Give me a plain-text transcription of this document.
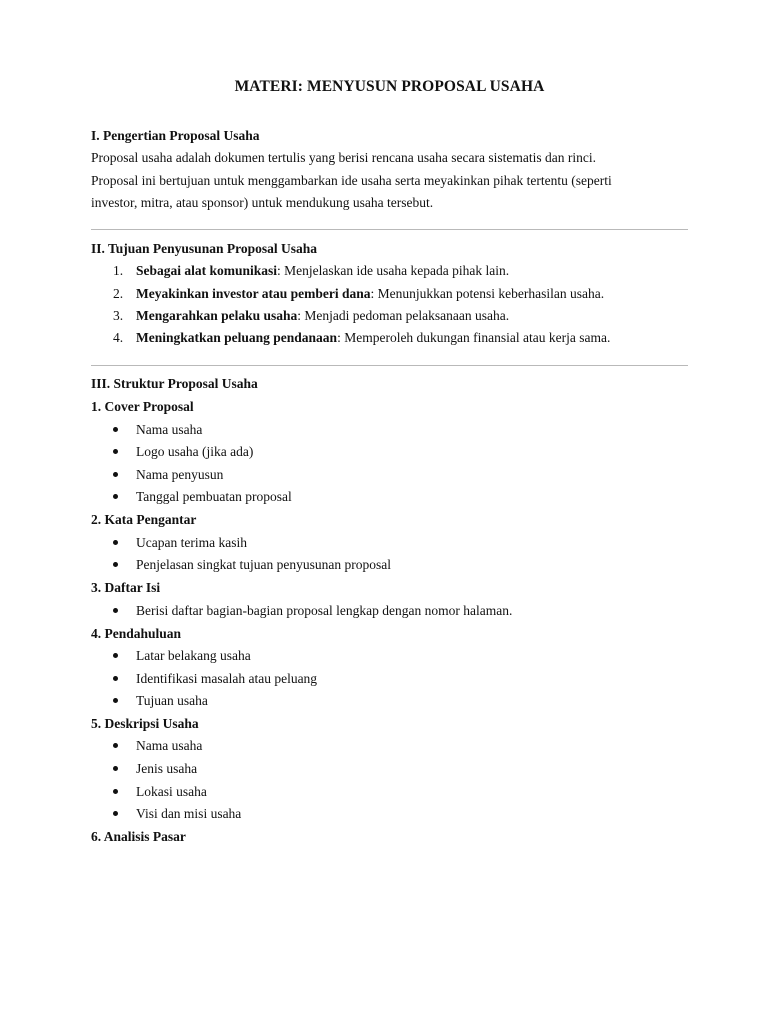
MATERI: MENYUSUN PROPOSAL USAHA
I. Pengertian Proposal Usaha
Proposal usaha adalah dokumen tertulis yang berisi rencana usaha secara sistematis dan rinci.
Proposal ini bertujuan untuk menggambarkan ide usaha serta meyakinkan pihak tertentu (seperti
investor, mitra, atau sponsor) untuk mendukung usaha tersebut.
II. Tujuan Penyusunan Proposal Usaha
1. Sebagai alat komunikasi: Menjelaskan ide usaha kepada pihak lain.
2. Meyakinkan investor atau pemberi dana: Menunjukkan potensi keberhasilan usaha.
3. Mengarahkan pelaku usaha: Menjadi pedoman pelaksanaan usaha.
4. Meningkatkan peluang pendanaan: Memperoleh dukungan finansial atau kerja sama.
III. Struktur Proposal Usaha
1. Cover Proposal
Nama usaha
Logo usaha (jika ada)
Nama penyusun
Tanggal pembuatan proposal
2. Kata Pengantar
Ucapan terima kasih
Penjelasan singkat tujuan penyusunan proposal
3. Daftar Isi
Berisi daftar bagian-bagian proposal lengkap dengan nomor halaman.
4. Pendahuluan
Latar belakang usaha
Identifikasi masalah atau peluang
Tujuan usaha
5. Deskripsi Usaha
Nama usaha
Jenis usaha
Lokasi usaha
Visi dan misi usaha
6. Analisis Pasar
